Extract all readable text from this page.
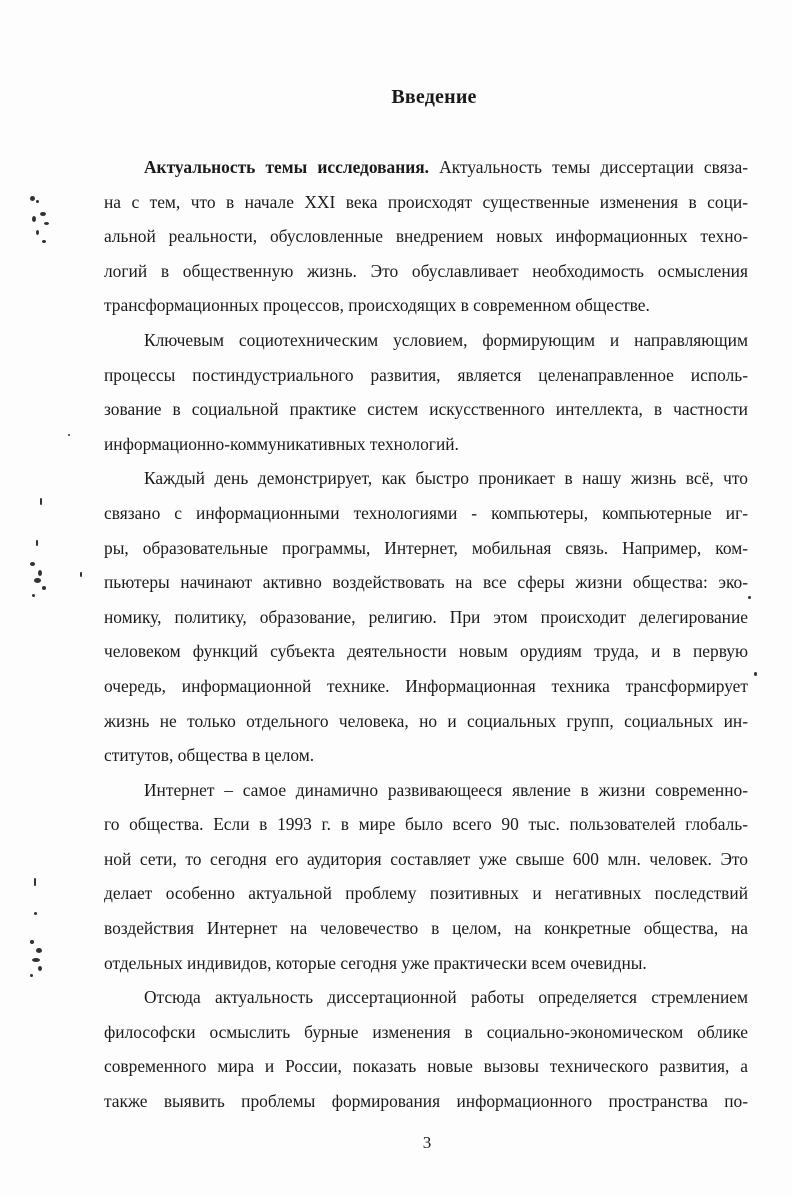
Введение
Актуальность темы исследования. Актуальность темы диссертации связа-
на с тем, что в начале XXI века происходят существенные изменения в соци-
альной реальности, обусловленные внедрением новых информационных техно-
логий в общественную жизнь. Это обуславливает необходимость осмысления
трансформационных процессов, происходящих в современном обществе.
Ключевым социотехническим условием, формирующим и направляющим
процессы постиндустриального развития, является целенаправленное исполь-
зование в социальной практике систем искусственного интеллекта, в частности
информационно-коммуникативных технологий.
Каждый день демонстрирует, как быстро проникает в нашу жизнь всё, что
связано с информационными технологиями - компьютеры, компьютерные иг-
ры, образовательные программы, Интернет, мобильная связь. Например, ком-
пьютеры начинают активно воздействовать на все сферы жизни общества: эко-
номику, политику, образование, религию. При этом происходит делегирование
человеком функций субъекта деятельности новым орудиям труда, и в первую
очередь, информационной технике. Информационная техника трансформирует
жизнь не только отдельного человека, но и социальных групп, социальных ин-
ститутов, общества в целом.
Интернет – самое динамично развивающееся явление в жизни современно-
го общества. Если в 1993 г. в мире было всего 90 тыс. пользователей глобаль-
ной сети, то сегодня его аудитория составляет уже свыше 600 млн. человек. Это
делает особенно актуальной проблему позитивных и негативных последствий
воздействия Интернет на человечество в целом, на конкретные общества, на
отдельных индивидов, которые сегодня уже практически всем очевидны.
Отсюда актуальность диссертационной работы определяется стремлением
философски осмыслить бурные изменения в социально-экономическом облике
современного мира и России, показать новые вызовы технического развития, а
также выявить проблемы формирования информационного пространства по-
3
